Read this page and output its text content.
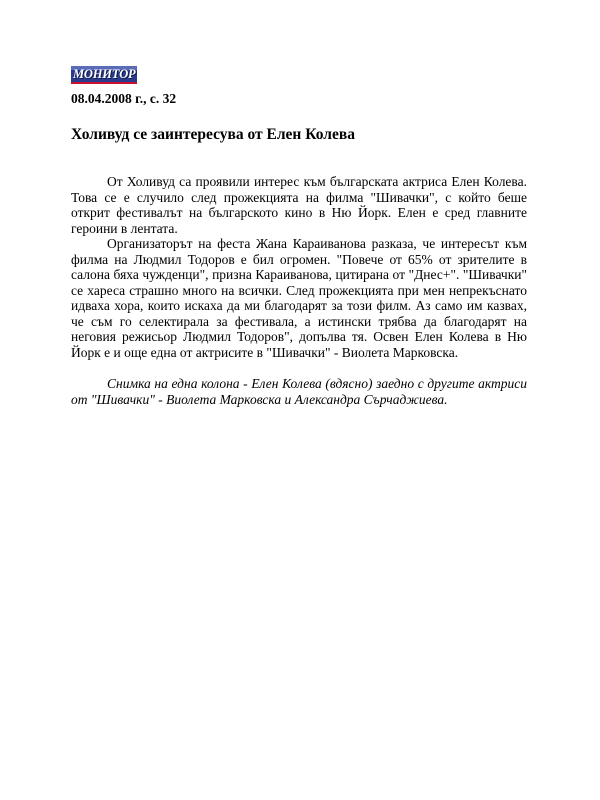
МОНИТОР
08.04.2008 г., с. 32
Холивуд се заинтересува от Елен Колева

От Холивуд са проявили интерес към българската актриса Елен Колева. Това се е случило след прожекцията на филма "Шивачки", с който беше открит фестивалът на българското кино в Ню Йорк. Елен е сред главните героини в лентата.

Организаторът на феста Жана Караиванова разказа, че интересът към филма на Людмил Тодоров е бил огромен. "Повече от 65% от зрителите в салона бяха чужденци", призна Караиванова, цитирана от "Днес+". "Шивачки" се хареса страшно много на всички. След прожекцията при мен непрекъснато идваха хора, които искаха да ми благодарят за този филм. Аз само им казвах, че съм го селектирала за фестивала, а истински трябва да благодарят на неговия режисьор Людмил Тодоров", допълва тя. Освен Елен Колева в Ню Йорк е и още една от актрисите в "Шивачки" - Виолета Марковска.

Снимка на една колона - Елен Колева (вдясно) заедно с другите актриси от "Шивачки" - Виолета Марковска и Александра Сърчаджиева.
